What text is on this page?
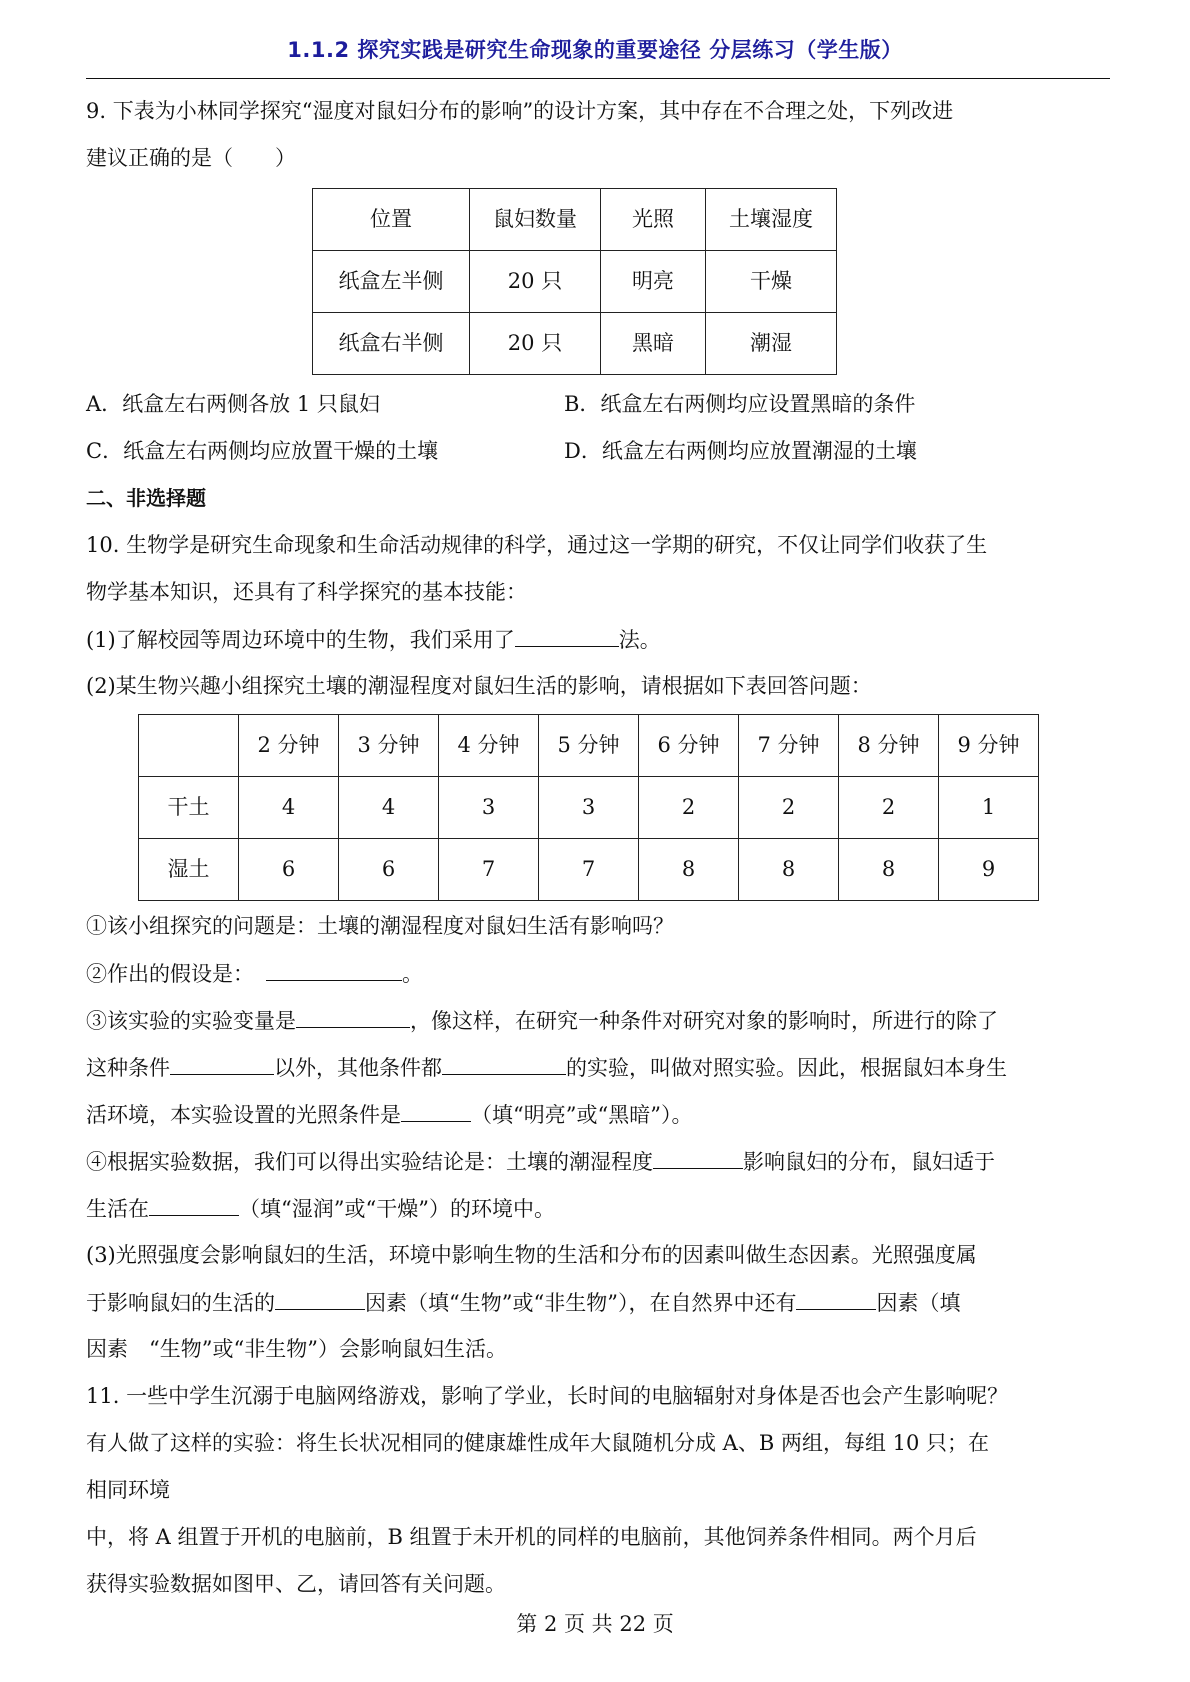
1.1.2 探究实践是研究生命现象的重要途径 分层练习（学生版）
9. 下表为小林同学探究“湿度对鼠妇分布的影响”的设计方案，其中存在不合理之处，下列改进
建议正确的是（　　）
位置	鼠妇数量	光照	土壤湿度
纸盒左半侧	20 只	明亮	干燥
纸盒右半侧	20 只	黑暗	潮湿
A．纸盒左右两侧各放 1 只鼠妇	B．纸盒左右两侧均应设置黑暗的条件
C．纸盒左右两侧均应放置干燥的土壤	D．纸盒左右两侧均应放置潮湿的土壤
二、非选择题
10. 生物学是研究生命现象和生命活动规律的科学，通过这一学期的研究，不仅让同学们收获了生
物学基本知识，还具有了科学探究的基本技能：
(1)了解校园等周边环境中的生物，我们采用了	法。
(2)某生物兴趣小组探究土壤的潮湿程度对鼠妇生活的影响，请根据如下表回答问题：
	2 分钟	3 分钟	4 分钟	5 分钟	6 分钟	7 分钟	8 分钟	9 分钟
干土	4	4	3	3	2	2	2	1
湿土	6	6	7	7	8	8	8	9
①该小组探究的问题是：土壤的潮湿程度对鼠妇生活有影响吗？
②作出的假设是：	。
③该实验的实验变量是	，像这样，在研究一种条件对研究对象的影响时，所进行的除了
这种条件	以外，其他条件都	的实验，叫做对照实验。因此，根据鼠妇本身生
活环境，本实验设置的光照条件是	（填“明亮”或“黑暗”）。
④根据实验数据，我们可以得出实验结论是：土壤的潮湿程度	影响鼠妇的分布，鼠妇适于
生活在	（填“湿润”或“干燥”）的环境中。
(3)光照强度会影响鼠妇的生活，环境中影响生物的生活和分布的因素叫做生态因素。光照强度属
于影响鼠妇的生活的	因素（填“生物”或“非生物”），在自然界中还有	因素（填
因素　“生物”或“非生物”）会影响鼠妇生活。
11. 一些中学生沉溺于电脑网络游戏，影响了学业，长时间的电脑辐射对身体是否也会产生影响呢？
有人做了这样的实验：将生长状况相同的健康雄性成年大鼠随机分成 A、B 两组，每组 10 只；在
相同环境
中，将 A 组置于开机的电脑前，B 组置于未开机的同样的电脑前，其他饲养条件相同。两个月后
获得实验数据如图甲、乙，请回答有关问题。
第 2 页 共 22 页
